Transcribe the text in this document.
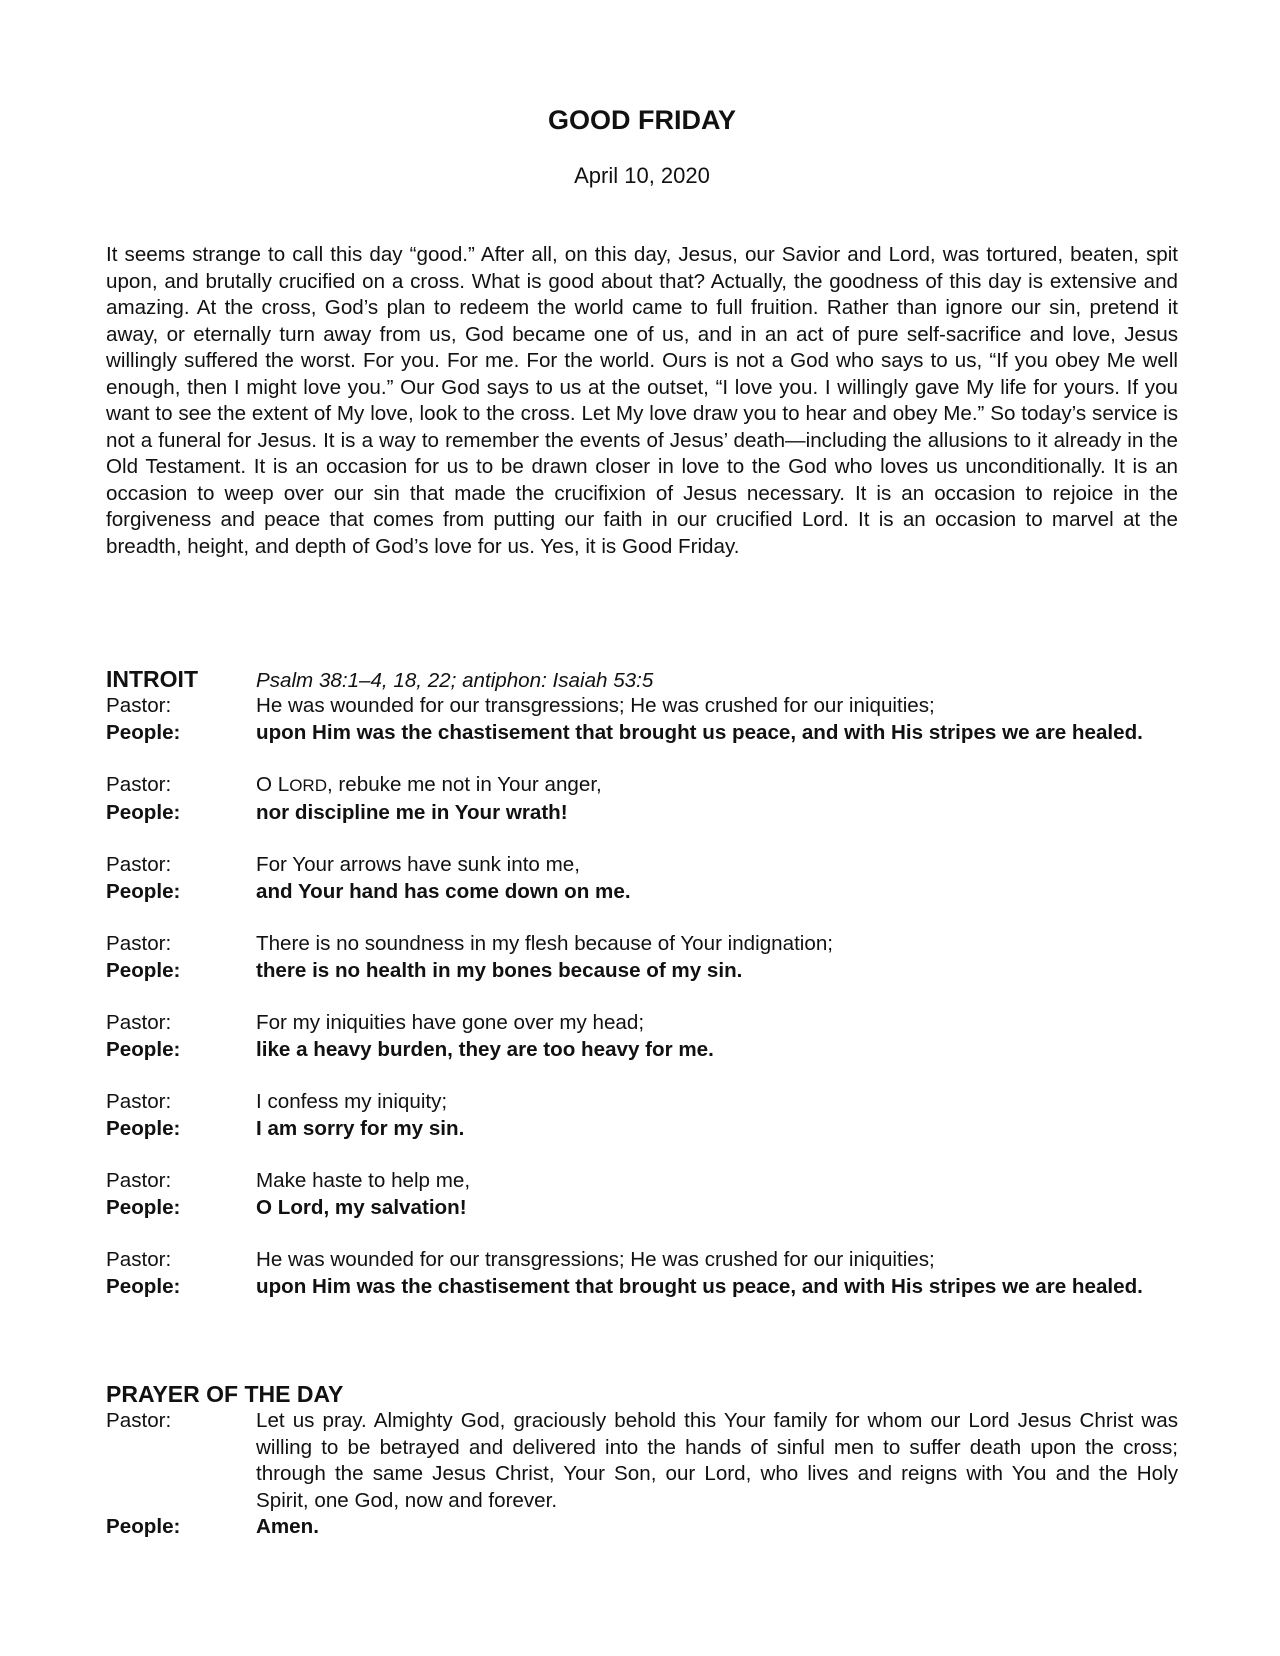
GOOD FRIDAY
April 10, 2020
It seems strange to call this day “good.” After all, on this day, Jesus, our Savior and Lord, was tortured, beaten, spit upon, and brutally crucified on a cross. What is good about that? Actually, the goodness of this day is extensive and amazing. At the cross, God’s plan to redeem the world came to full fruition. Rather than ignore our sin, pretend it away, or eternally turn away from us, God became one of us, and in an act of pure self-sacrifice and love, Jesus willingly suffered the worst. For you. For me. For the world. Ours is not a God who says to us, “If you obey Me well enough, then I might love you.” Our God says to us at the outset, “I love you. I willingly gave My life for yours. If you want to see the extent of My love, look to the cross. Let My love draw you to hear and obey Me.” So today’s service is not a funeral for Jesus. It is a way to remember the events of Jesus’ death—including the allusions to it already in the Old Testament. It is an occasion for us to be drawn closer in love to the God who loves us unconditionally. It is an occasion to weep over our sin that made the crucifixion of Jesus necessary. It is an occasion to rejoice in the forgiveness and peace that comes from putting our faith in our crucified Lord. It is an occasion to marvel at the breadth, height, and depth of God’s love for us. Yes, it is Good Friday.
INTROIT	Psalm 38:1–4, 18, 22; antiphon: Isaiah 53:5
Pastor:	He was wounded for our transgressions; He was crushed for our iniquities;
People:	upon Him was the chastisement that brought us peace, and with His stripes we are healed.
Pastor:	O LORD, rebuke me not in Your anger,
People:	nor discipline me in Your wrath!
Pastor:	For Your arrows have sunk into me,
People:	and Your hand has come down on me.
Pastor:	There is no soundness in my flesh because of Your indignation;
People:	there is no health in my bones because of my sin.
Pastor:	For my iniquities have gone over my head;
People:	like a heavy burden, they are too heavy for me.
Pastor:	I confess my iniquity;
People:	I am sorry for my sin.
Pastor:	Make haste to help me,
People:	O Lord, my salvation!
Pastor:	He was wounded for our transgressions; He was crushed for our iniquities;
People:	upon Him was the chastisement that brought us peace, and with His stripes we are healed.
PRAYER OF THE DAY
Pastor:	Let us pray. Almighty God, graciously behold this Your family for whom our Lord Jesus Christ was willing to be betrayed and delivered into the hands of sinful men to suffer death upon the cross; through the same Jesus Christ, Your Son, our Lord, who lives and reigns with You and the Holy Spirit, one God, now and forever.
People:	Amen.
